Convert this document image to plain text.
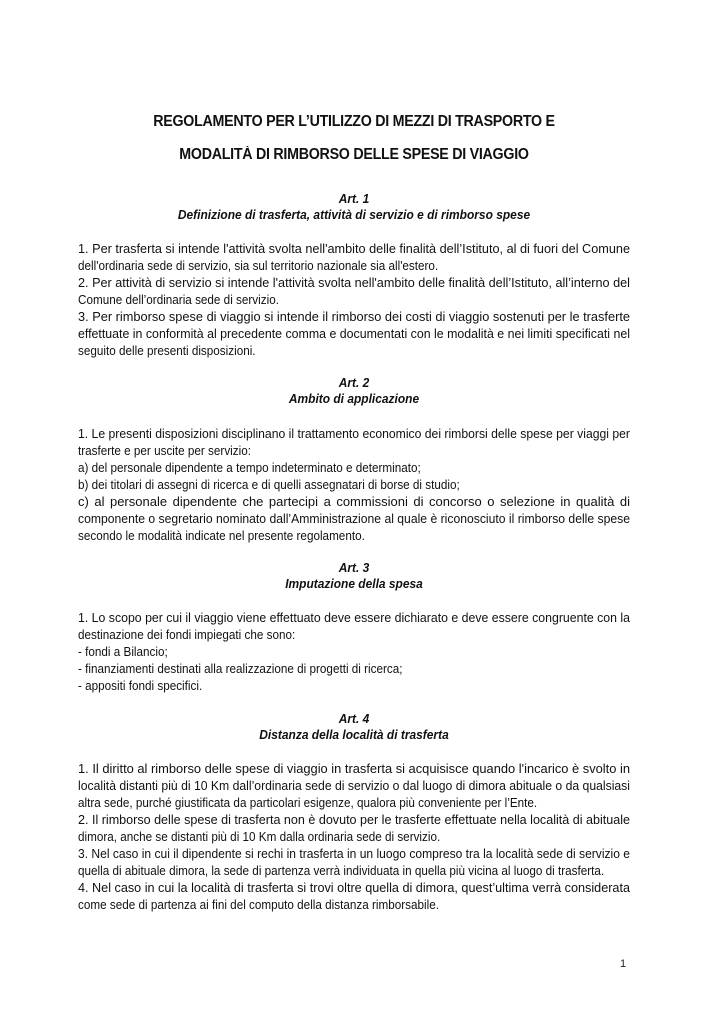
REGOLAMENTO PER L’UTILIZZO DI MEZZI DI TRASPORTO E
MODALITÀ DI RIMBORSO DELLE SPESE DI VIAGGIO
Art. 1
Definizione di trasferta, attività di servizio e di rimborso spese
1. Per trasferta si intende l'attività svolta nell'ambito delle finalità dell’Istituto, al di fuori del Comune
dell'ordinaria sede di servizio, sia sul territorio nazionale sia all'estero.
2. Per attività di servizio si intende l'attività svolta nell'ambito delle finalità dell’Istituto, all’interno del
Comune dell’ordinaria sede di servizio.
3. Per rimborso spese di viaggio si intende il rimborso dei costi di viaggio sostenuti per le trasferte
effettuate in conformità al precedente comma e documentati con le modalità e nei limiti specificati nel
seguito delle presenti disposizioni.
Art. 2
Ambito di applicazione
1. Le presenti disposizioni disciplinano il trattamento economico dei rimborsi delle spese per viaggi per
trasferte e per uscite per servizio:
a) del personale dipendente a tempo indeterminato e determinato;
b) dei titolari di assegni di ricerca e di quelli assegnatari di borse di studio;
c) al personale dipendente che partecipi a commissioni di concorso o selezione in qualità di
componente o segretario nominato dall’Amministrazione al quale è riconosciuto il rimborso delle spese
secondo le modalità indicate nel presente regolamento.
Art. 3
Imputazione della spesa
1. Lo scopo per cui il viaggio viene effettuato deve essere dichiarato e deve essere congruente con la
destinazione dei fondi impiegati che sono:
- fondi a Bilancio;
- finanziamenti destinati alla realizzazione di progetti di ricerca;
- appositi fondi specifici.
Art. 4
Distanza della località di trasferta
1. Il diritto al rimborso delle spese di viaggio in trasferta si acquisisce quando l'incarico è svolto in
località distanti più di 10 Km dall’ordinaria sede di servizio o dal luogo di dimora abituale o da qualsiasi
altra sede, purché giustificata da particolari esigenze, qualora più conveniente per l’Ente.
2. Il rimborso delle spese di trasferta non è dovuto per le trasferte effettuate nella località di abituale
dimora, anche se distanti più di 10 Km dalla ordinaria sede di servizio.
3. Nel caso in cui il dipendente si rechi in trasferta in un luogo compreso tra la località sede di servizio e
quella di abituale dimora, la sede di partenza verrà individuata in quella più vicina al luogo di trasferta.
4. Nel caso in cui la località di trasferta si trovi oltre quella di dimora, quest’ultima verrà considerata
come sede di partenza ai fini del computo della distanza rimborsabile.
1
